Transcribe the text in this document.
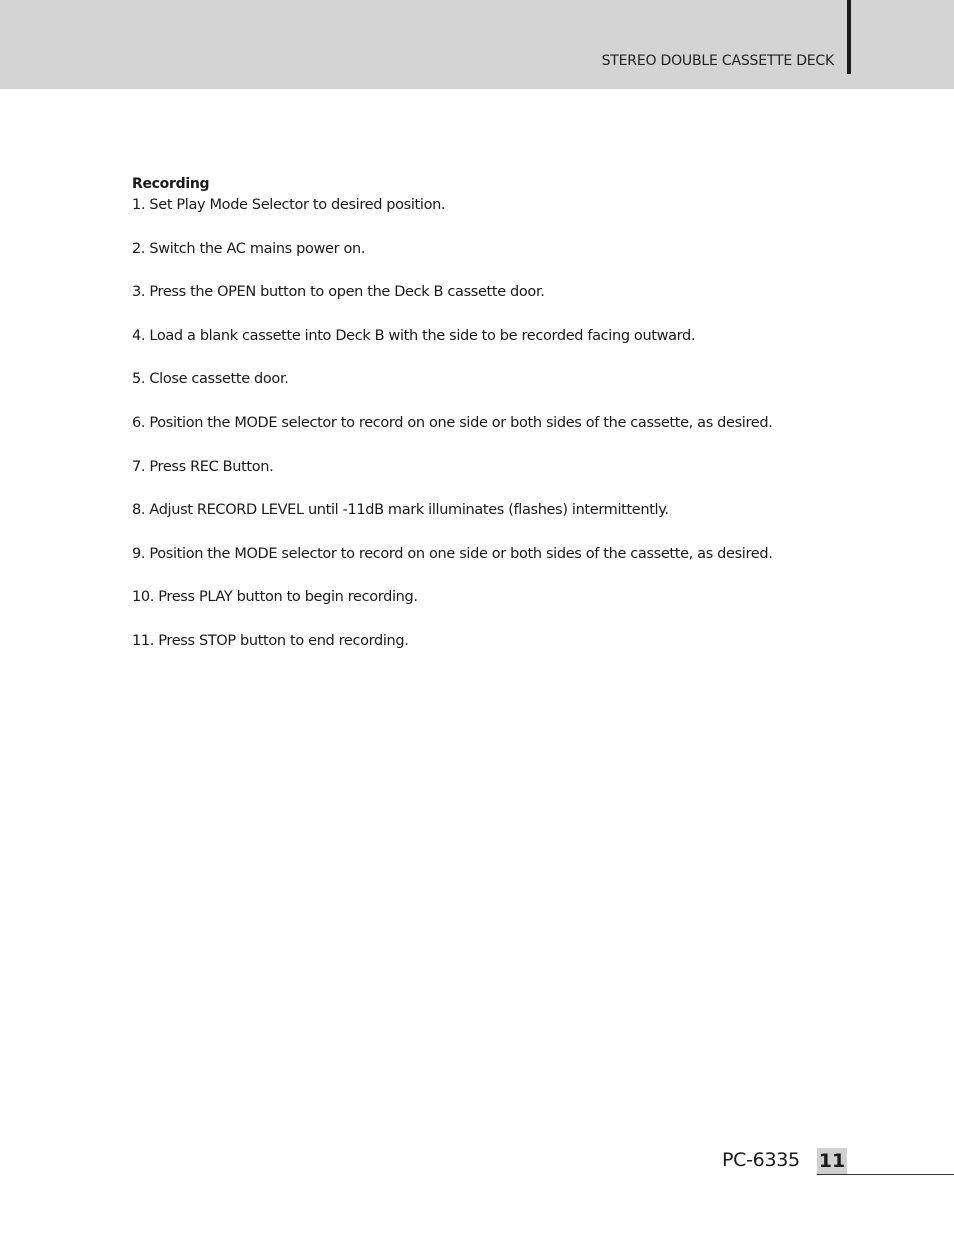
STEREO DOUBLE CASSETTE DECK
Recording
1. Set Play Mode Selector to desired position.
2. Switch the AC mains power on.
3. Press the OPEN button to open the Deck B cassette door.
4. Load a blank cassette into Deck B with the side to be recorded facing outward.
5. Close cassette door.
6. Position the MODE selector to record on one side or both sides of the cassette, as desired.
7. Press REC Button.
8. Adjust RECORD LEVEL until -11dB mark illuminates (flashes) intermittently.
9. Position the MODE selector to record on one side or both sides of the cassette, as desired.
10. Press PLAY button to begin recording.
11. Press STOP button to end recording.
PC-6335 11
